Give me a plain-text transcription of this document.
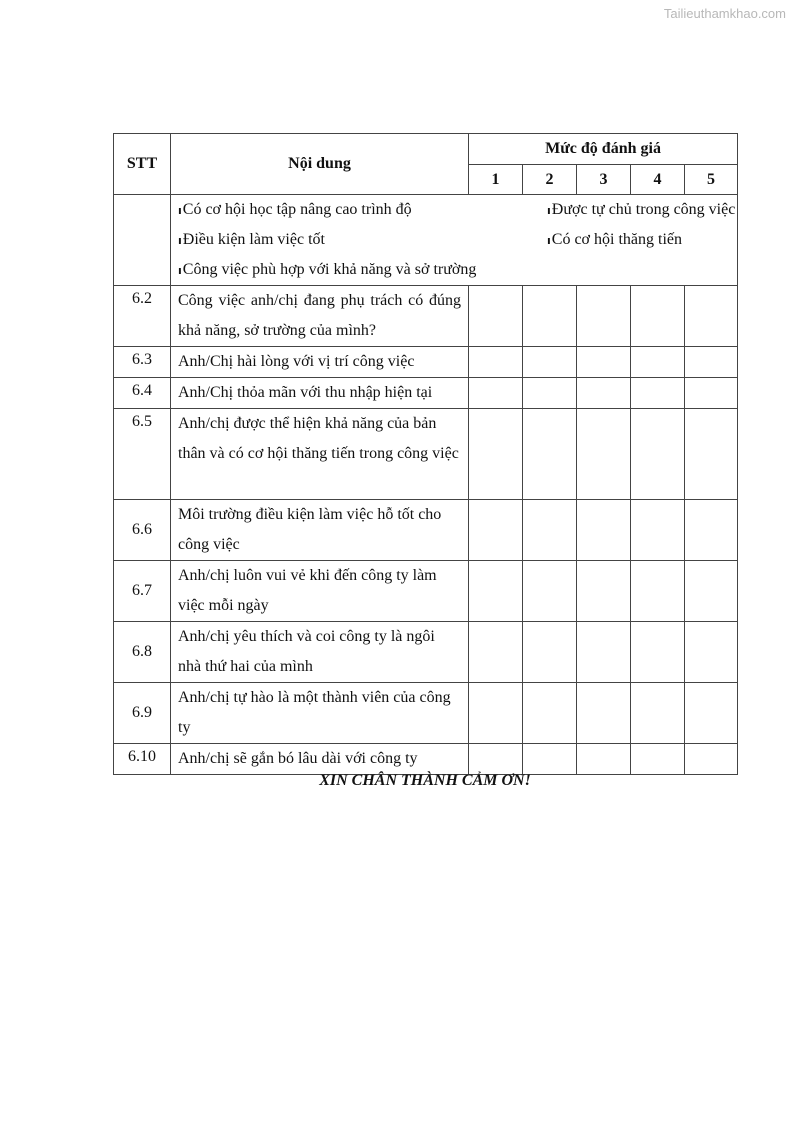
Tailieuthamkhao.com
STT	Nội dung	Mức độ đánh giá				
		1	2	3	4	5

	ıCó cơ hội học tập nâng cao trình độ ıĐược tự chủ trong công việc
ıĐiều kiện làm việc tốt ıCó cơ hội thăng tiến
ıCông việc phù hợp với khả năng và sở trường					

6.2	Công việc anh/chị đang phụ trách có đúng khả năng, sở trường của mình?					
6.3	Anh/Chị hài lòng với vị trí công việc					
6.4	Anh/Chị thỏa mãn với thu nhập hiện tại					
6.5	Anh/chị được thể hiện khả năng của bản thân và có cơ hội thăng tiến trong công việc					
6.6	Môi trường điều kiện làm việc hỗ tốt cho công việc					
6.7	Anh/chị luôn vui vẻ khi đến công ty làm việc mỗi ngày					
6.8	Anh/chị yêu thích và coi công ty là ngôi nhà thứ hai của mình					
6.9	Anh/chị tự hào là một thành viên của công ty					
6.10	Anh/chị sẽ gắn bó lâu dài với công ty					
XIN CHÂN THÀNH CẢM ƠN!
